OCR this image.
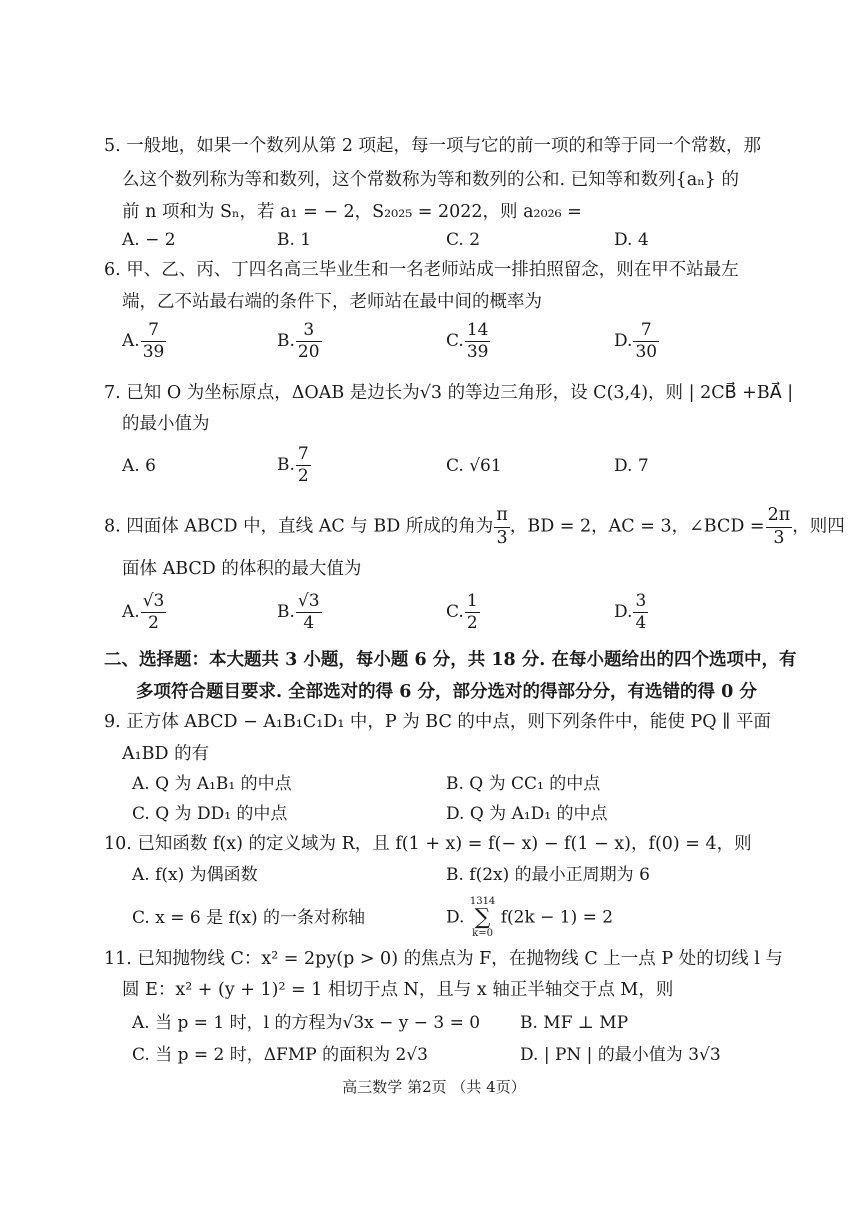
5. 一般地，如果一个数列从第 2 项起，每一项与它的前一项的和等于同一个常数，那
么这个数列称为等和数列，这个常数称为等和数列的公和. 已知等和数列{aₙ} 的
前 n 项和为 Sₙ，若 a₁ = − 2，S₂₀₂₅ = 2022，则 a₂₀₂₆ =
A. − 2	B. 1	C. 2	D. 4
6. 甲、乙、丙、丁四名高三毕业生和一名老师站成一排拍照留念，则在甲不站最左
端，乙不站最右端的条件下，老师站在最中间的概率为
A. $\frac{7}{39}$	B. $\frac{3}{20}$	C. $\frac{14}{39}$	D. $\frac{7}{30}$
7. 已知 O 为坐标原点，ΔOAB 是边长为√3 的等边三角形，设 C(3,4)，则 | 2CB⃗ +BA⃗ |
的最小值为
A. 6	B. $\frac{7}{2}$	C. √61	D. 7
8. 四面体 ABCD 中，直线 AC 与 BD 所成的角为 $\frac{\pi}{3}$ ，BD = 2，AC = 3，∠BCD = $\frac{2\pi}{3}$ ，则四
面体 ABCD 的体积的最大值为
A. $\frac{√3}{2}$	B. $\frac{√3}{4}$	C. $\frac{1}{2}$	D. $\frac{3}{4}$
二、选择题：本大题共 3 小题，每小题 6 分，共 18 分. 在每小题给出的四个选项中，有
多项符合题目要求. 全部选对的得 6 分，部分选对的得部分分，有选错的得 0 分
9. 正方体 ABCD − A₁B₁C₁D₁ 中，P 为 BC 的中点，则下列条件中，能使 PQ ∥ 平面
A₁BD 的有
A. Q 为 A₁B₁ 的中点	B. Q 为 CC₁ 的中点
C. Q 为 DD₁ 的中点	D. Q 为 A₁D₁ 的中点
10. 已知函数 f(x) 的定义域为 R，且 f(1 + x) = f(− x) − f(1 − x)，f(0) = 4，则
A. f(x) 为偶函数	B. f(2x) 的最小正周期为 6
C. x = 6 是 f(x) 的一条对称轴	D.
1314
∑
k=0
f(2k − 1) = 2
11. 已知抛物线 C：x² = 2py(p > 0) 的焦点为 F，在抛物线 C 上一点 P 处的切线 l 与
圆 E：x² + (y + 1)² = 1 相切于点 N，且与 x 轴正半轴交于点 M，则
A. 当 p = 1 时，l 的方程为√3x − y − 3 = 0 B. MF ⊥ MP
C. 当 p = 2 时，ΔFMP 的面积为 2√3	D. | PN | 的最小值为 3√3
高三数学 第2页 （共 4页）
